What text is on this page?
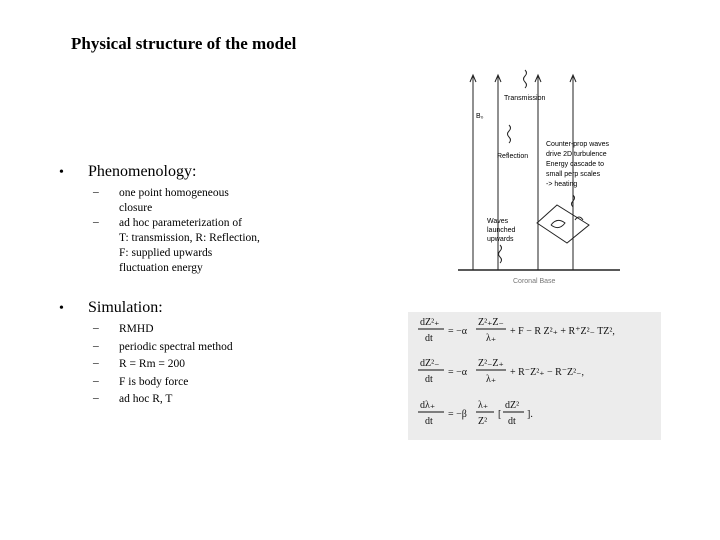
Physical structure of the model
• Phenomenology:
– one point homogeneous
closure
– ad hoc parameterization of
T: transmission, R: Reflection,
F: supplied upwards
fluctuation energy
• Simulation:
– RMHD
– periodic spectral method
– R = Rm = 200
– F is body force
– ad hoc R, T
Transmission
B₀
Reflection
Counter-prop waves
drive 2D turbulence
Energy cascade to
small perp scales
-> heating
Waves
launched
upwards
Coronal Base
dZ²₊
dt
= −α
Z²₊Z₋
λ₊
+ F − R Z²₊ + R⁺Z²₋ TZ²,
dZ²₋
dt
= −α
Z²₋Z₊
λ₊
+ R⁻Z²₊ − R⁻Z²₋,
dλ₊
dt
= −β
λ₊
Z²
[
dZ²
dt
].
